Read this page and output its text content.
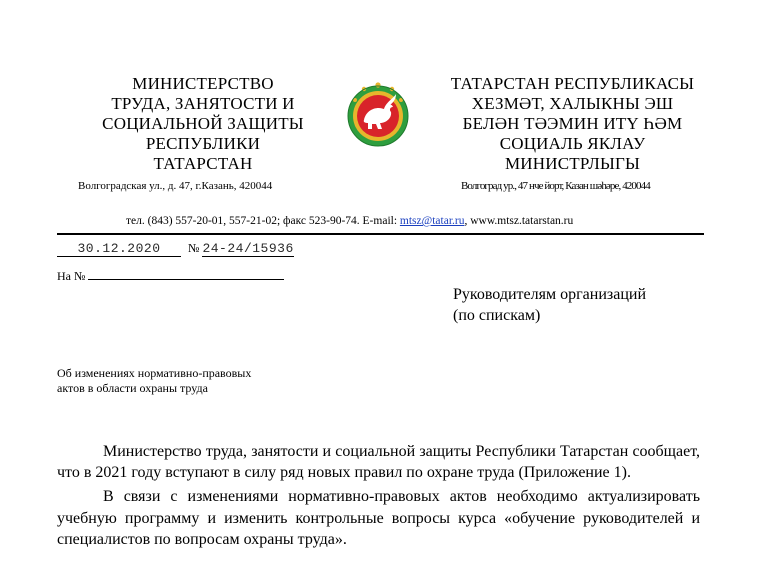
МИНИСТЕРСТВО
ТРУДА, ЗАНЯТОСТИ И
СОЦИАЛЬНОЙ ЗАЩИТЫ
РЕСПУБЛИКИ
ТАТАРСТАН
ТАТАРСТАН РЕСПУБЛИКАСЫ
ХЕЗМӘТ, ХАЛЫКНЫ ЭШ
БЕЛӘН ТӘЭМИН ИТҮ ҺӘМ
СОЦИАЛЬ ЯКЛАУ
МИНИСТРЛЫГЫ
Волгоградская ул., д. 47, г.Казань, 420044	Волгоград ур., 47 нче йорт, Казан шәһәре, 420044
тел. (843) 557-20-01, 557-21-02; факс 523-90-74. E-mail: mtsz@tatar.ru, www.mtsz.tatarstan.ru
30.12.2020 № 24-24/15936
На №
Руководителям организаций
(по спискам)
Об изменениях нормативно-правовых
актов в области охраны труда

Министерство труда, занятости и социальной защиты Республики Татарстан сообщает, что в 2021 году вступают в силу ряд новых правил по охране труда (Приложение 1).

В связи с изменениями нормативно-правовых актов необходимо актуализировать учебную программу и изменить контрольные вопросы курса «обучение руководителей и специалистов по вопросам охраны труда».
